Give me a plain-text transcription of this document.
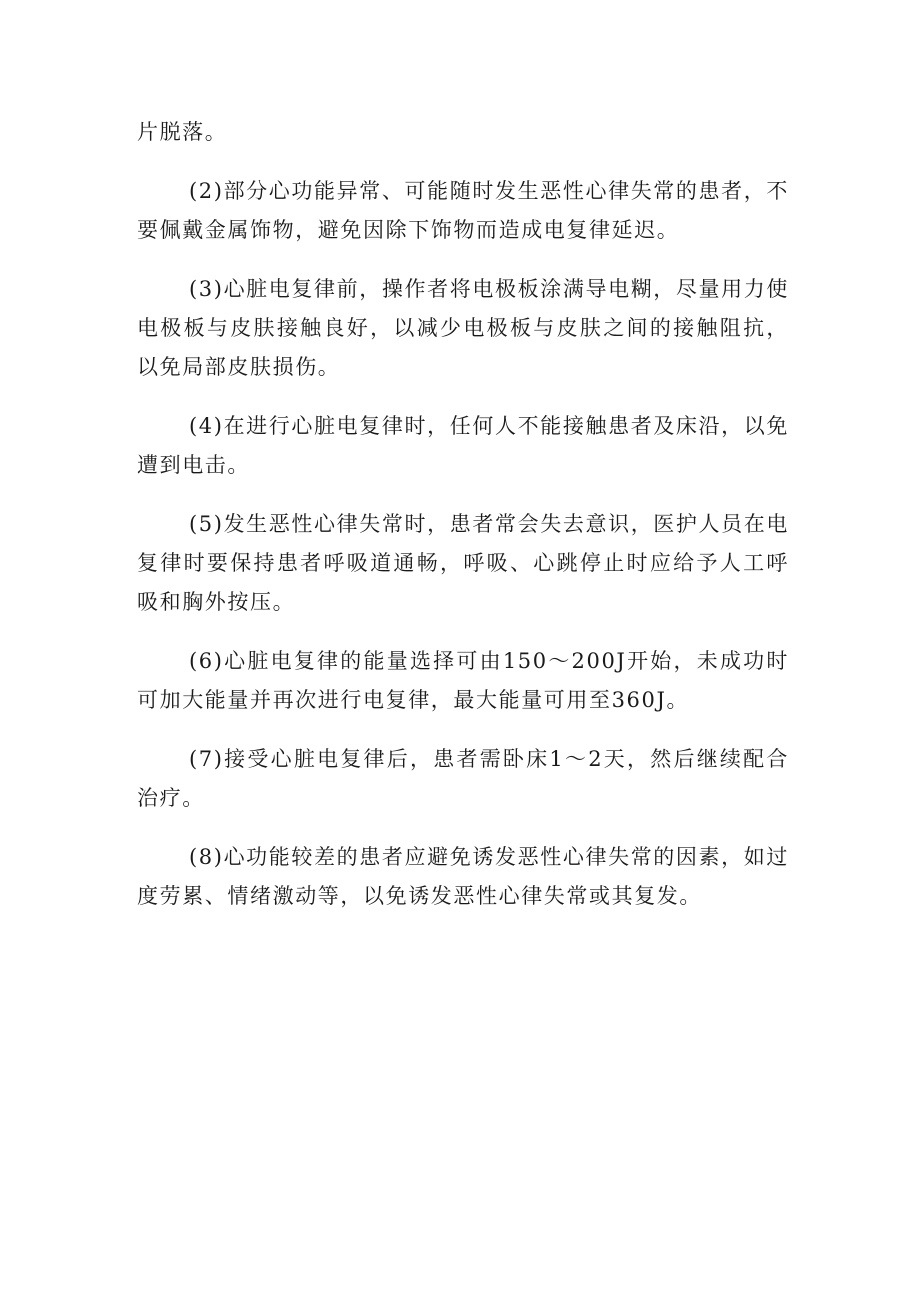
片脱落。

(2)部分心功能异常、可能随时发生恶性心律失常的患者，不要佩戴金属饰物，避免因除下饰物而造成电复律延迟。

(3)心脏电复律前，操作者将电极板涂满导电糊，尽量用力使电极板与皮肤接触良好，以减少电极板与皮肤之间的接触阻抗，以免局部皮肤损伤。

(4)在进行心脏电复律时，任何人不能接触患者及床沿，以免遭到电击。

(5)发生恶性心律失常时，患者常会失去意识，医护人员在电复律时要保持患者呼吸道通畅，呼吸、心跳停止时应给予人工呼吸和胸外按压。

(6)心脏电复律的能量选择可由150～200J开始，未成功时可加大能量并再次进行电复律，最大能量可用至360J。

(7)接受心脏电复律后，患者需卧床1～2天，然后继续配合治疗。

(8)心功能较差的患者应避免诱发恶性心律失常的因素，如过度劳累、情绪激动等，以免诱发恶性心律失常或其复发。
